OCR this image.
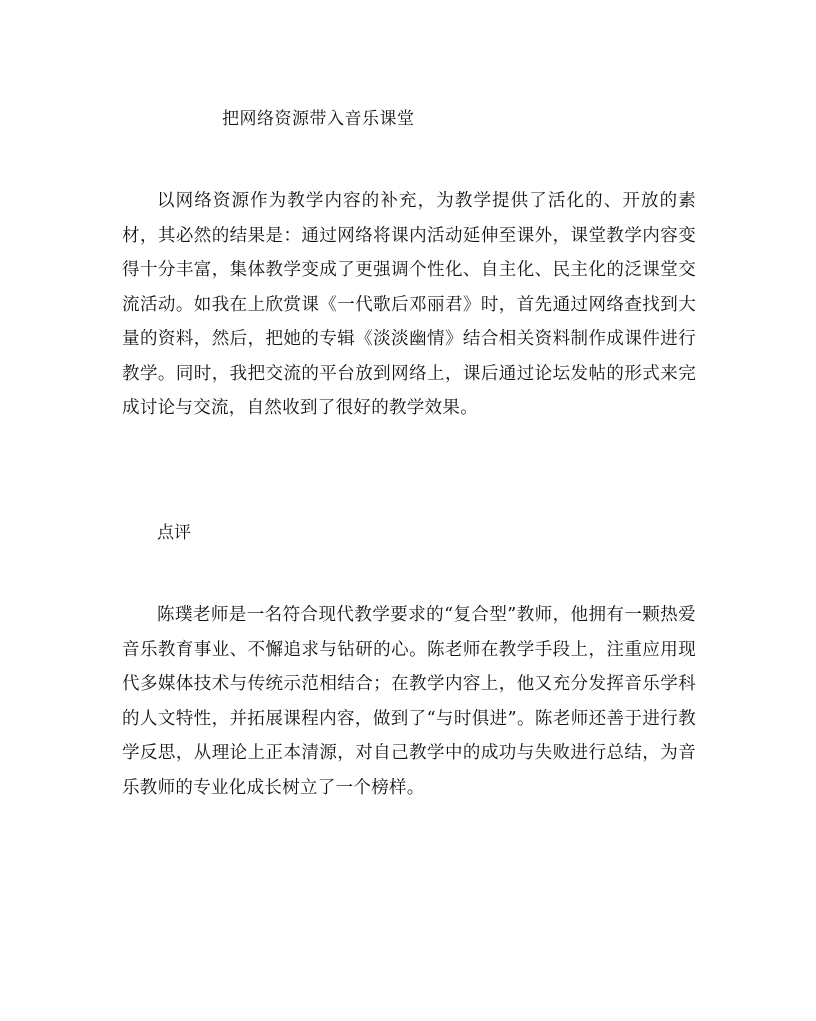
把网络资源带入音乐课堂

以网络资源作为教学内容的补充，为教学提供了活化的、开放的素材，其必然的结果是：通过网络将课内活动延伸至课外，课堂教学内容变得十分丰富，集体教学变成了更强调个性化、自主化、民主化的泛课堂交流活动。如我在上欣赏课《一代歌后邓丽君》时，首先通过网络查找到大量的资料，然后，把她的专辑《淡淡幽情》结合相关资料制作成课件进行教学。同时，我把交流的平台放到网络上，课后通过论坛发帖的形式来完成讨论与交流，自然收到了很好的教学效果。

点评

陈璞老师是一名符合现代教学要求的“复合型”教师，他拥有一颗热爱音乐教育事业、不懈追求与钻研的心。陈老师在教学手段上，注重应用现代多媒体技术与传统示范相结合；在教学内容上，他又充分发挥音乐学科的人文特性，并拓展课程内容，做到了“与时俱进”。陈老师还善于进行教学反思，从理论上正本清源，对自己教学中的成功与失败进行总结，为音乐教师的专业化成长树立了一个榜样。
